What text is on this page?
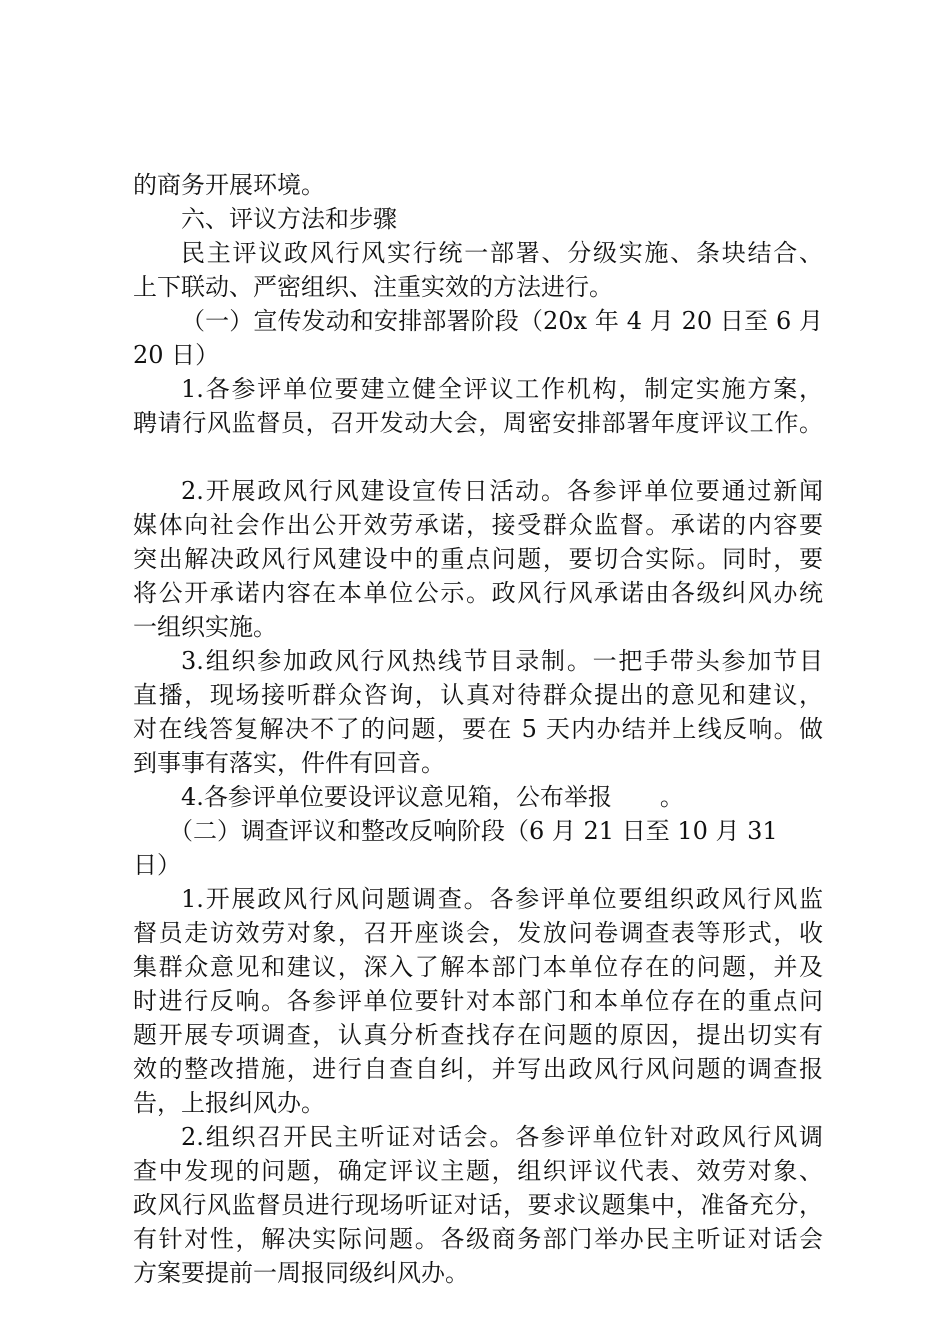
的商务开展环境。
六、评议方法和步骤
民主评议政风行风实行统一部署、分级实施、条块结合、
上下联动、严密组织、注重实效的方法进行。
（一）宣传发动和安排部署阶段（20x 年 4 月 20 日至 6 月
20 日）
1.各参评单位要建立健全评议工作机构，制定实施方案，
聘请行风监督员，召开发动大会，周密安排部署年度评议工作。
2.开展政风行风建设宣传日活动。各参评单位要通过新闻
媒体向社会作出公开效劳承诺，接受群众监督。承诺的内容要
突出解决政风行风建设中的重点问题，要切合实际。同时，要
将公开承诺内容在本单位公示。政风行风承诺由各级纠风办统
一组织实施。
3.组织参加政风行风热线节目录制。一把手带头参加节目
直播，现场接听群众咨询，认真对待群众提出的意见和建议，
对在线答复解决不了的问题，要在 5 天内办结并上线反响。做
到事事有落实，件件有回音。
4.各参评单位要设评议意见箱，公布举报　　。
（二）调查评议和整改反响阶段（6 月 21 日至 10 月 31
日）
1.开展政风行风问题调查。各参评单位要组织政风行风监
督员走访效劳对象，召开座谈会，发放问卷调查表等形式，收
集群众意见和建议，深入了解本部门本单位存在的问题，并及
时进行反响。各参评单位要针对本部门和本单位存在的重点问
题开展专项调查，认真分析查找存在问题的原因，提出切实有
效的整改措施，进行自查自纠，并写出政风行风问题的调查报
告，上报纠风办。
2.组织召开民主听证对话会。各参评单位针对政风行风调
查中发现的问题，确定评议主题，组织评议代表、效劳对象、
政风行风监督员进行现场听证对话，要求议题集中，准备充分，
有针对性，解决实际问题。各级商务部门举办民主听证对话会
方案要提前一周报同级纠风办。
